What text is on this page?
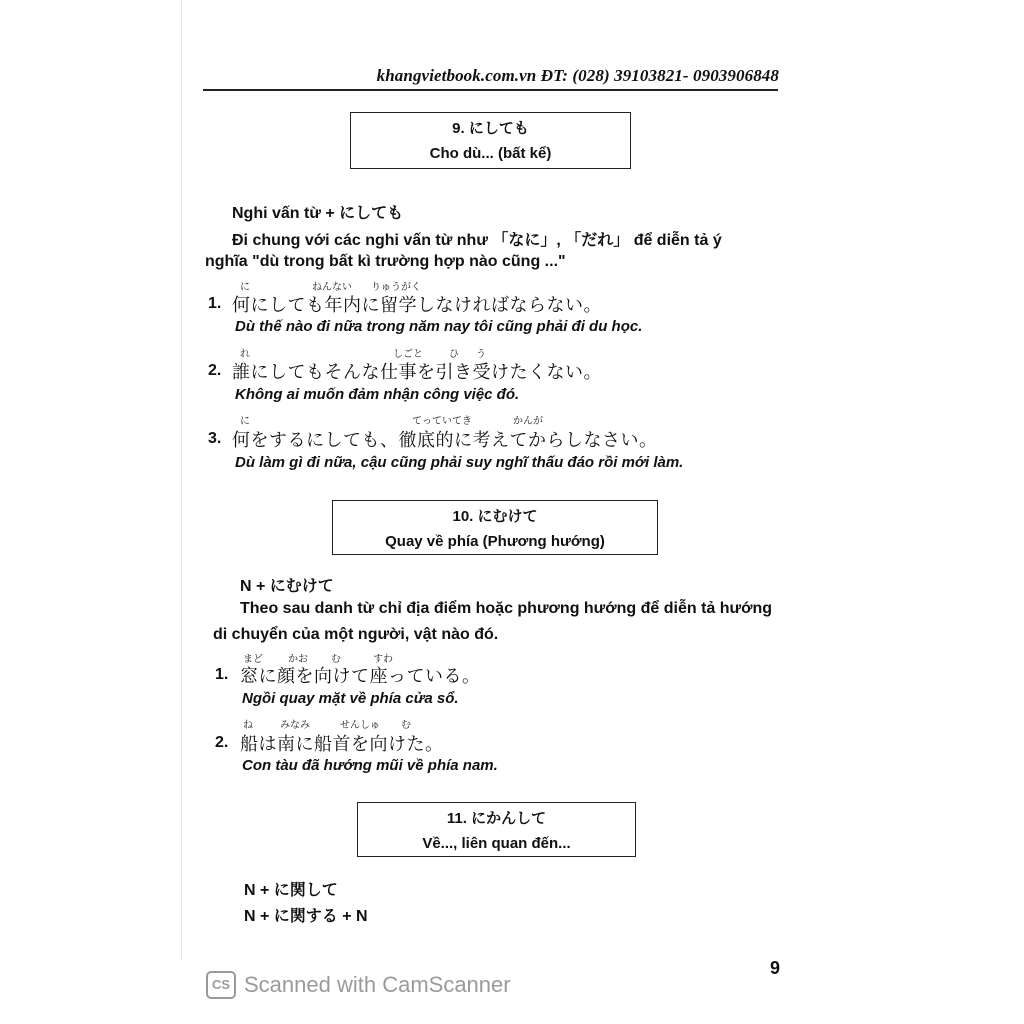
khangvietbook.com.vn ĐT: (028) 39103821- 0903906848
9. にしても
Cho dù... (bất kể)
Nghi vấn từ + にしても
Đi chung với các nghi vấn từ như 「なに」, 「だれ」 để diễn tả ý
nghĩa "dù trong bất kì trường hợp nào cũng ..."
に	ねんない りゅうがく
1. 何にしても年内に留学しなければならない。
Dù thế nào đi nữa trong năm nay tôi cũng phải đi du học.
れ	しごと	ひ う
2. 誰にしてもそんな仕事を引き受けたくない。
Không ai muốn đảm nhận công việc đó.
に	てっていてき	かんが
3. 何をするにしても、徹底的に考えてからしなさい。
Dù làm gì đi nữa, cậu cũng phải suy nghĩ thấu đáo rồi mới làm.
10. にむけて
Quay về phía (Phương hướng)
N + にむけて
Theo sau danh từ chỉ địa điểm hoặc phương hướng để diễn tả hướng
di chuyển của một người, vật nào đó.
まど	かお む	すわ
1. 窓に顔を向けて座っている。
Ngồi quay mặt về phía cửa sổ.
ね	みなみ	せんしゅ む
2. 船は南に船首を向けた。
Con tàu đã hướng mũi về phía nam.
11. にかんして
Về..., liên quan đến...
N + に関して
N + に関する + N
9
CS Scanned with CamScanner
